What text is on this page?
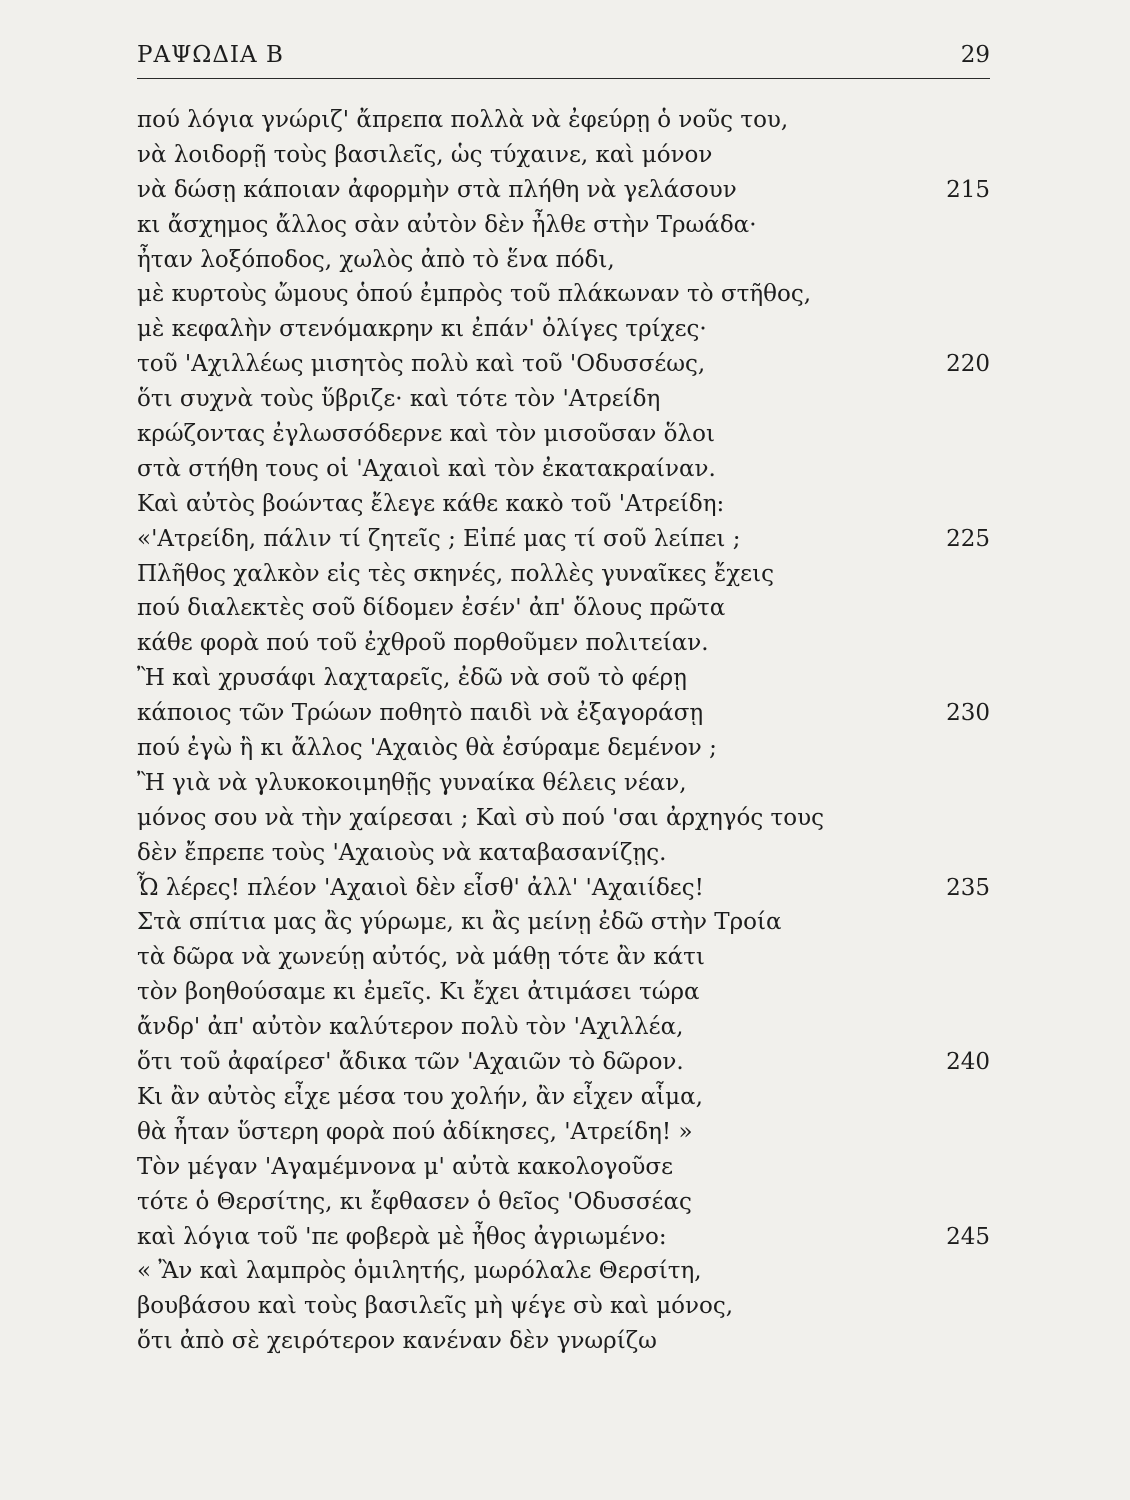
ΡΑΨΩΔΙΑ Β	29
πού λόγια γνώριζ' ἄπρεπα πολλὰ νὰ ἐφεύρῃ ὁ νοῦς του,
νὰ λοιδορῇ τοὺς βασιλεῖς, ὡς τύχαινε, καὶ μόνον
νὰ δώσῃ κάποιαν ἀφορμὴν στὰ πλήθη νὰ γελάσουν	215
κι ἄσχημος ἄλλος σὰν αὐτὸν δὲν ἦλθε στὴν Τρωάδα·
ἦταν λοξόποδος, χωλὸς ἀπὸ τὸ ἕνα πόδι,
μὲ κυρτοὺς ὤμους ὁπού ἐμπρὸς τοῦ πλάκωναν τὸ στῆθος,
μὲ κεφαλὴν στενόμακρην κι ἐπάν' ὀλίγες τρίχες·
τοῦ 'Αχιλλέως μισητὸς πολὺ καὶ τοῦ 'Οδυσσέως,	220
ὅτι συχνὰ τοὺς ὕβριζε· καὶ τότε τὸν 'Ατρείδη
κρώζοντας ἐγλωσσόδερνε καὶ τὸν μισοῦσαν ὅλοι
στὰ στήθη τους οἱ 'Αχαιοὶ καὶ τὸν ἐκατακραίναν.
Καὶ αὐτὸς βοώντας ἔλεγε κάθε κακὸ τοῦ 'Ατρείδη:
«'Ατρείδη, πάλιν τί ζητεῖς ; Εἰπέ μας τί σοῦ λείπει ;	225
Πλῆθος χαλκὸν εἰς τὲς σκηνές, πολλὲς γυναῖκες ἔχεις
πού διαλεκτὲς σοῦ δίδομεν ἐσέν' ἀπ' ὅλους πρῶτα
κάθε φορὰ πού τοῦ ἐχθροῦ πορθοῦμεν πολιτείαν.
Ἢ καὶ χρυσάφι λαχταρεῖς, ἐδῶ νὰ σοῦ τὸ φέρῃ
κάποιος τῶν Τρώων ποθητὸ παιδὶ νὰ ἐξαγοράσῃ	230
πού ἐγὼ ἢ κι ἄλλος 'Αχαιὸς θὰ ἐσύραμε δεμένον ;
Ἢ γιὰ νὰ γλυκοκοιμηθῇς γυναίκα θέλεις νέαν,
μόνος σου νὰ τὴν χαίρεσαι ; Καὶ σὺ πού 'σαι ἀρχηγός τους
δὲν ἔπρεπε τοὺς 'Αχαιοὺς νὰ καταβασανίζῃς.
Ὦ λέρες! πλέον 'Αχαιοὶ δὲν εἶσθ' ἀλλ' 'Αχαιίδες!	235
Στὰ σπίτια μας ἂς γύρωμε, κι ἂς μείνῃ ἐδῶ στὴν Τροία
τὰ δῶρα νὰ χωνεύῃ αὐτός, νὰ μάθῃ τότε ἂν κάτι
τὸν βοηθούσαμε κι ἐμεῖς. Κι ἔχει ἀτιμάσει τώρα
ἄνδρ' ἀπ' αὐτὸν καλύτερον πολὺ τὸν 'Αχιλλέα,
ὅτι τοῦ ἀφαίρεσ' ἄδικα τῶν 'Αχαιῶν τὸ δῶρον.	240
Κι ἂν αὐτὸς εἶχε μέσα του χολήν, ἂν εἶχεν αἷμα,
θὰ ἦταν ὕστερη φορὰ πού ἀδίκησες, 'Ατρείδη! »
Τὸν μέγαν 'Αγαμέμνονα μ' αὐτὰ κακολογοῦσε
τότε ὁ Θερσίτης, κι ἔφθασεν ὁ θεῖος 'Οδυσσέας
καὶ λόγια τοῦ 'πε φοβερὰ μὲ ἦθος ἀγριωμένο:	245
« Ἂν καὶ λαμπρὸς ὁμιλητής, μωρόλαλε Θερσίτη,
βουβάσου καὶ τοὺς βασιλεῖς μὴ ψέγε σὺ καὶ μόνος,
ὅτι ἀπὸ σὲ χειρότερον κανέναν δὲν γνωρίζω
